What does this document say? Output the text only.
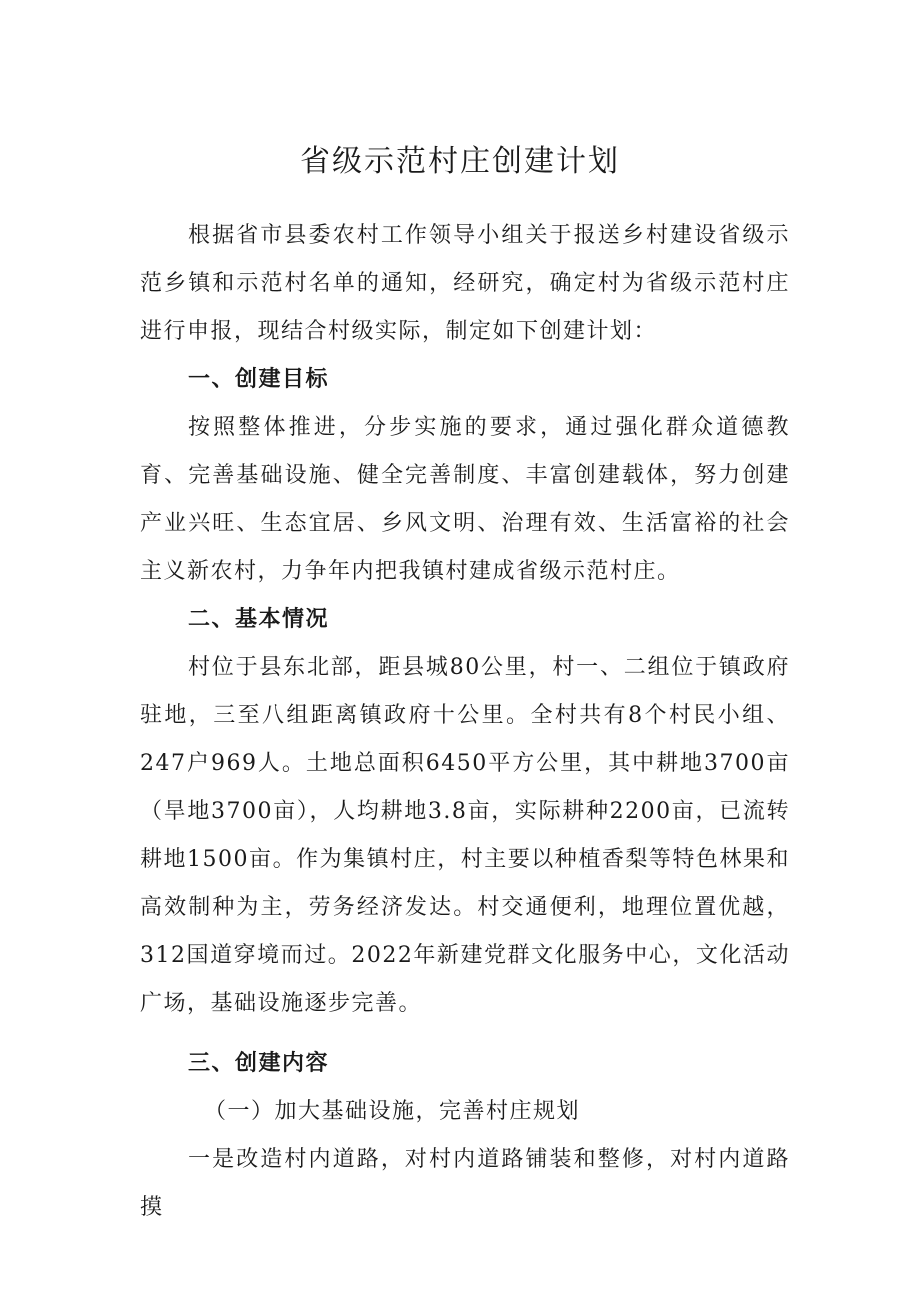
省级示范村庄创建计划

根据省市县委农村工作领导小组关于报送乡村建设省级示范乡镇和示范村名单的通知，经研究，确定村为省级示范村庄进行申报，现结合村级实际，制定如下创建计划：

一、创建目标

按照整体推进，分步实施的要求，通过强化群众道德教育、完善基础设施、健全完善制度、丰富创建载体，努力创建产业兴旺、生态宜居、乡风文明、治理有效、生活富裕的社会主义新农村，力争年内把我镇村建成省级示范村庄。

二、基本情况

村位于县东北部，距县城80公里，村一、二组位于镇政府驻地，三至八组距离镇政府十公里。全村共有8个村民小组、247户969人。土地总面积6450平方公里，其中耕地3700亩（旱地3700亩），人均耕地3.8亩，实际耕种2200亩，已流转耕地1500亩。作为集镇村庄，村主要以种植香梨等特色林果和高效制种为主，劳务经济发达。村交通便利，地理位置优越，312国道穿境而过。2022年新建党群文化服务中心，文化活动广场，基础设施逐步完善。

三、创建内容

（一）加大基础设施，完善村庄规划

一是改造村内道路，对村内道路铺装和整修，对村内道路摸
